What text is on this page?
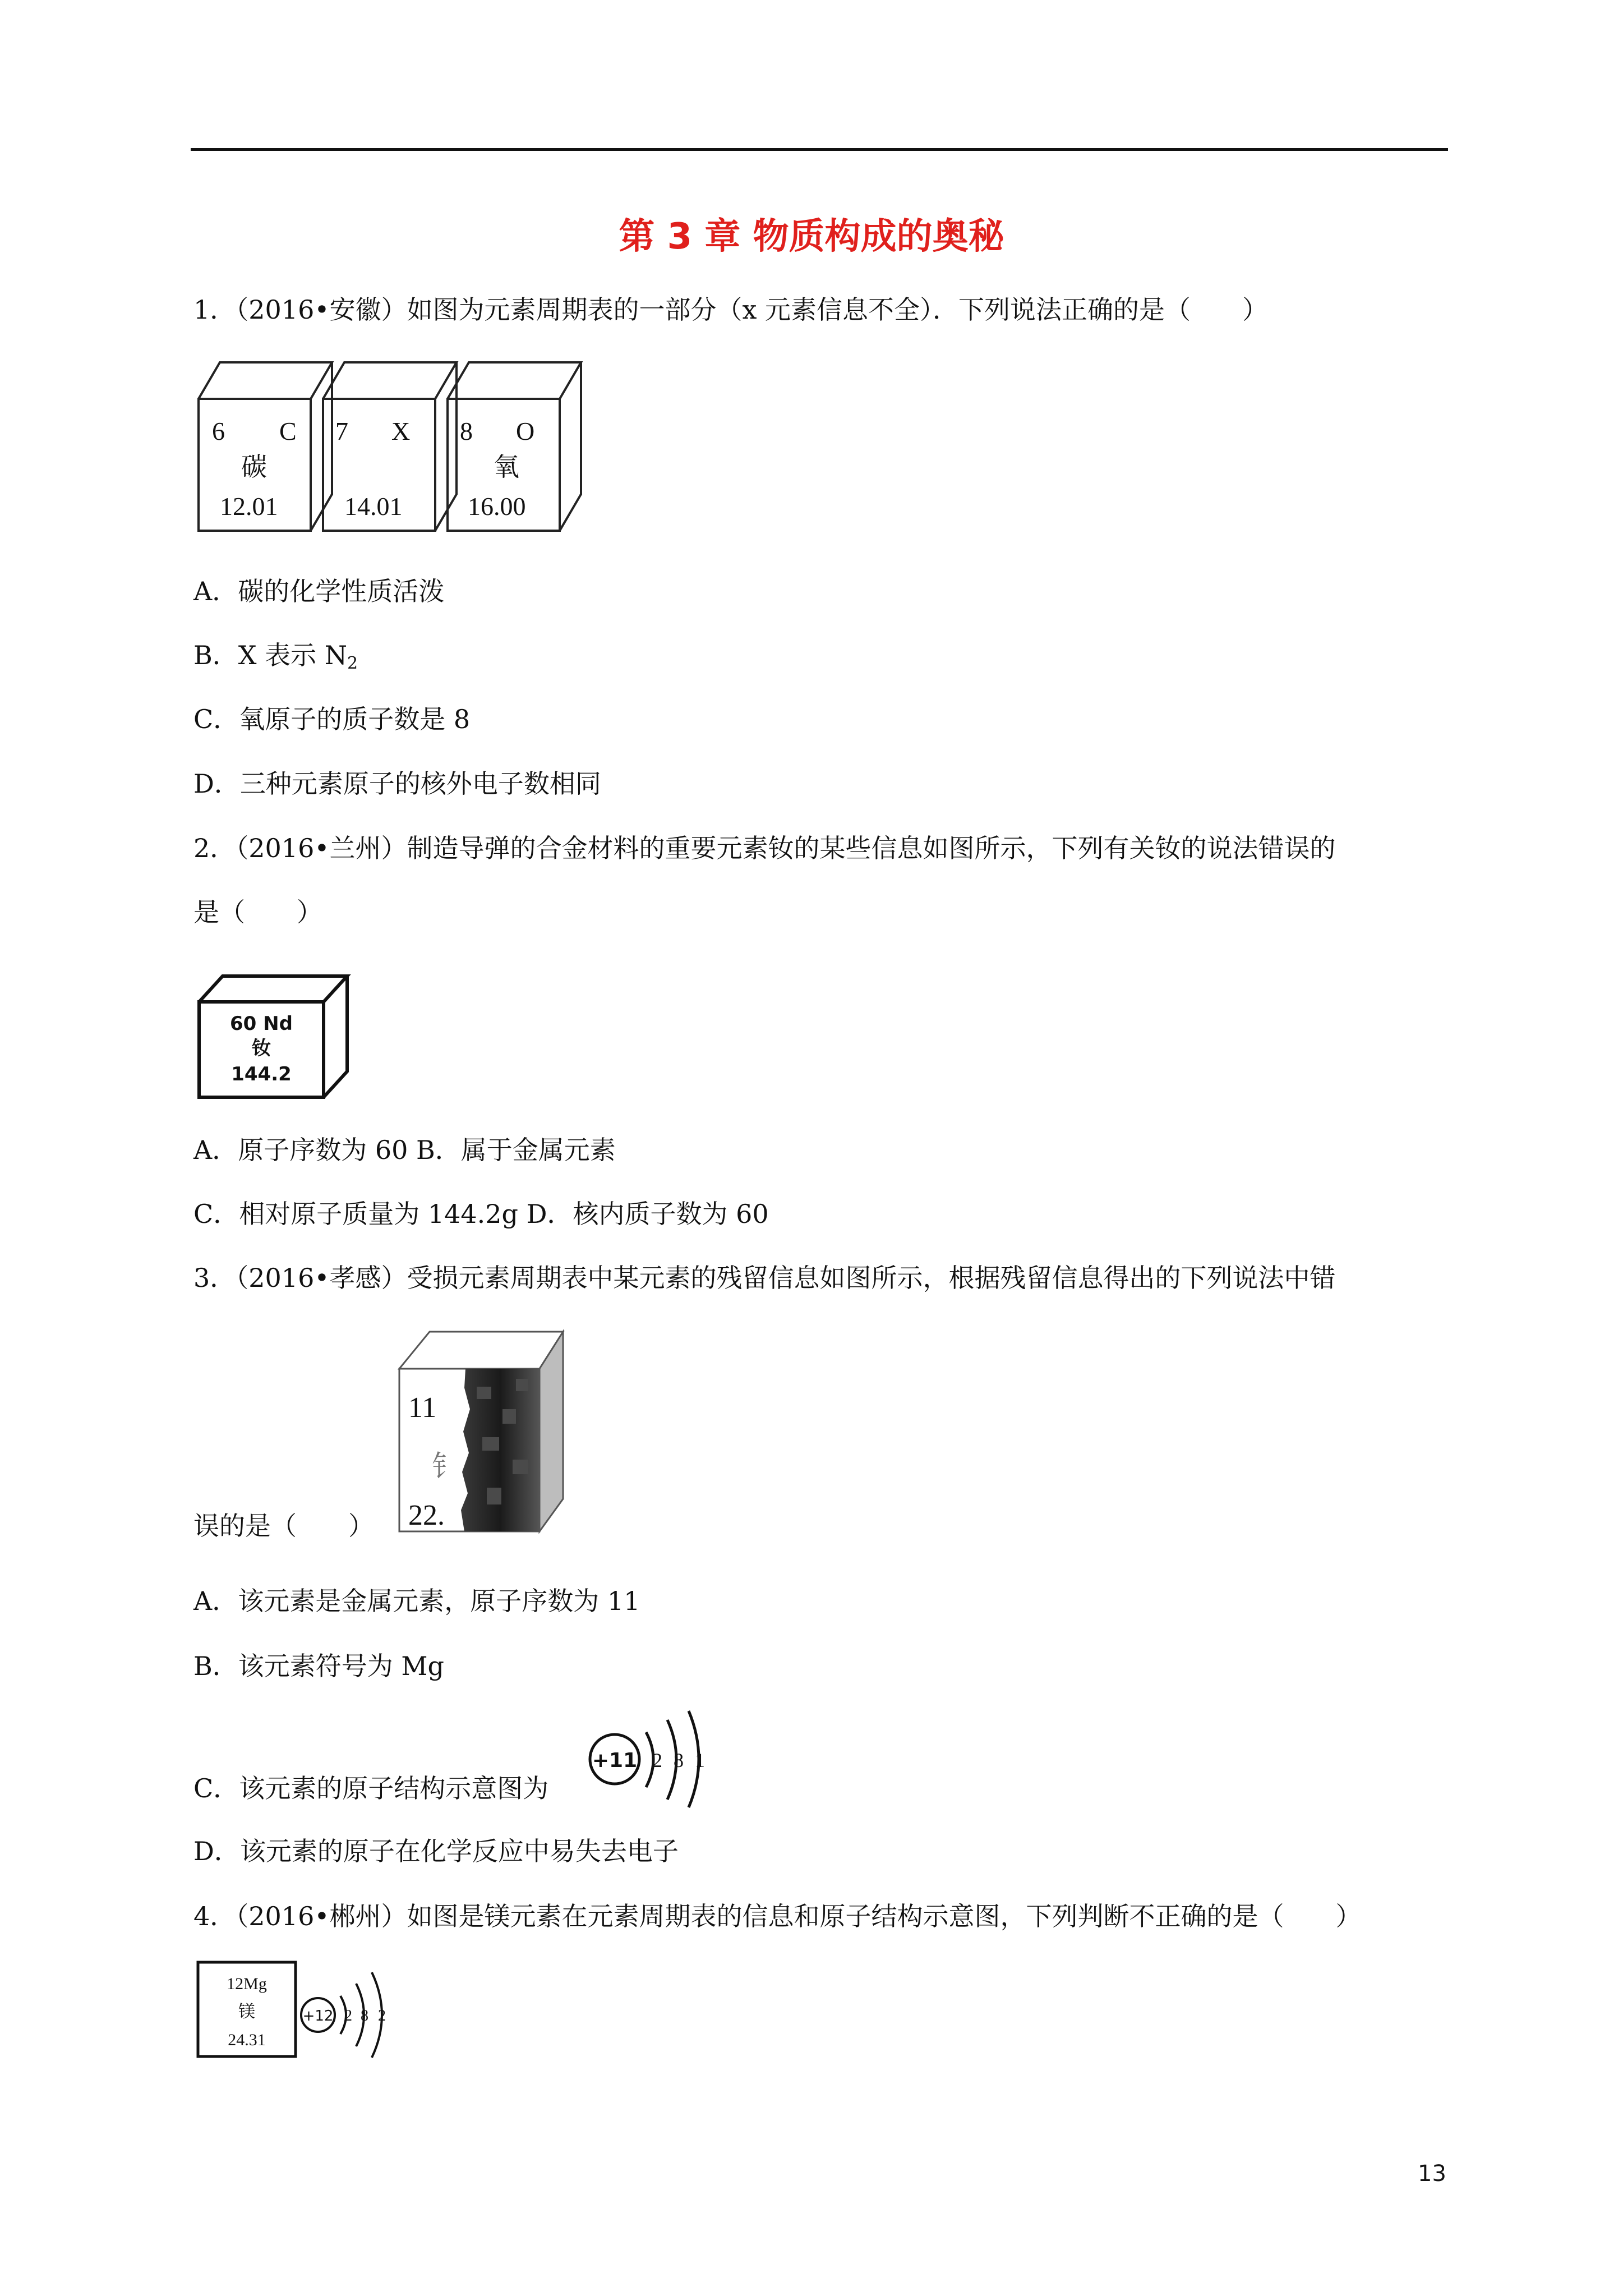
第 3 章 物质构成的奥秘
1．（2016•安徽）如图为元素周期表的一部分（x 元素信息不全）．下列说法正确的是（　　）
6 C
碳
12.01
7 X
14.01
8 O
氧
16.00
A．碳的化学性质活泼
B．X 表示 $N_2$
C．氧原子的质子数是 8
D．三种元素原子的核外电子数相同
2．（2016•兰州）制造导弹的合金材料的重要元素钕的某些信息如图所示，下列有关钕的说法错误的
是（　　）
60 Nd
钕
144.2
A．原子序数为 60 B．属于金属元素
C．相对原子质量为 144.2g D．核内质子数为 60
3．（2016•孝感）受损元素周期表中某元素的残留信息如图所示，根据残留信息得出的下列说法中错
11
钅
22.
误的是（　　）
A．该元素是金属元素，原子序数为 11
B．该元素符号为 Mg
C．该元素的原子结构示意图为
+11 2 8 1
D．该元素的原子在化学反应中易失去电子
4．（2016•郴州）如图是镁元素在元素周期表的信息和原子结构示意图，下列判断不正确的是（　　）
12Mg
镁
24.31
+12 2 8 2
13
